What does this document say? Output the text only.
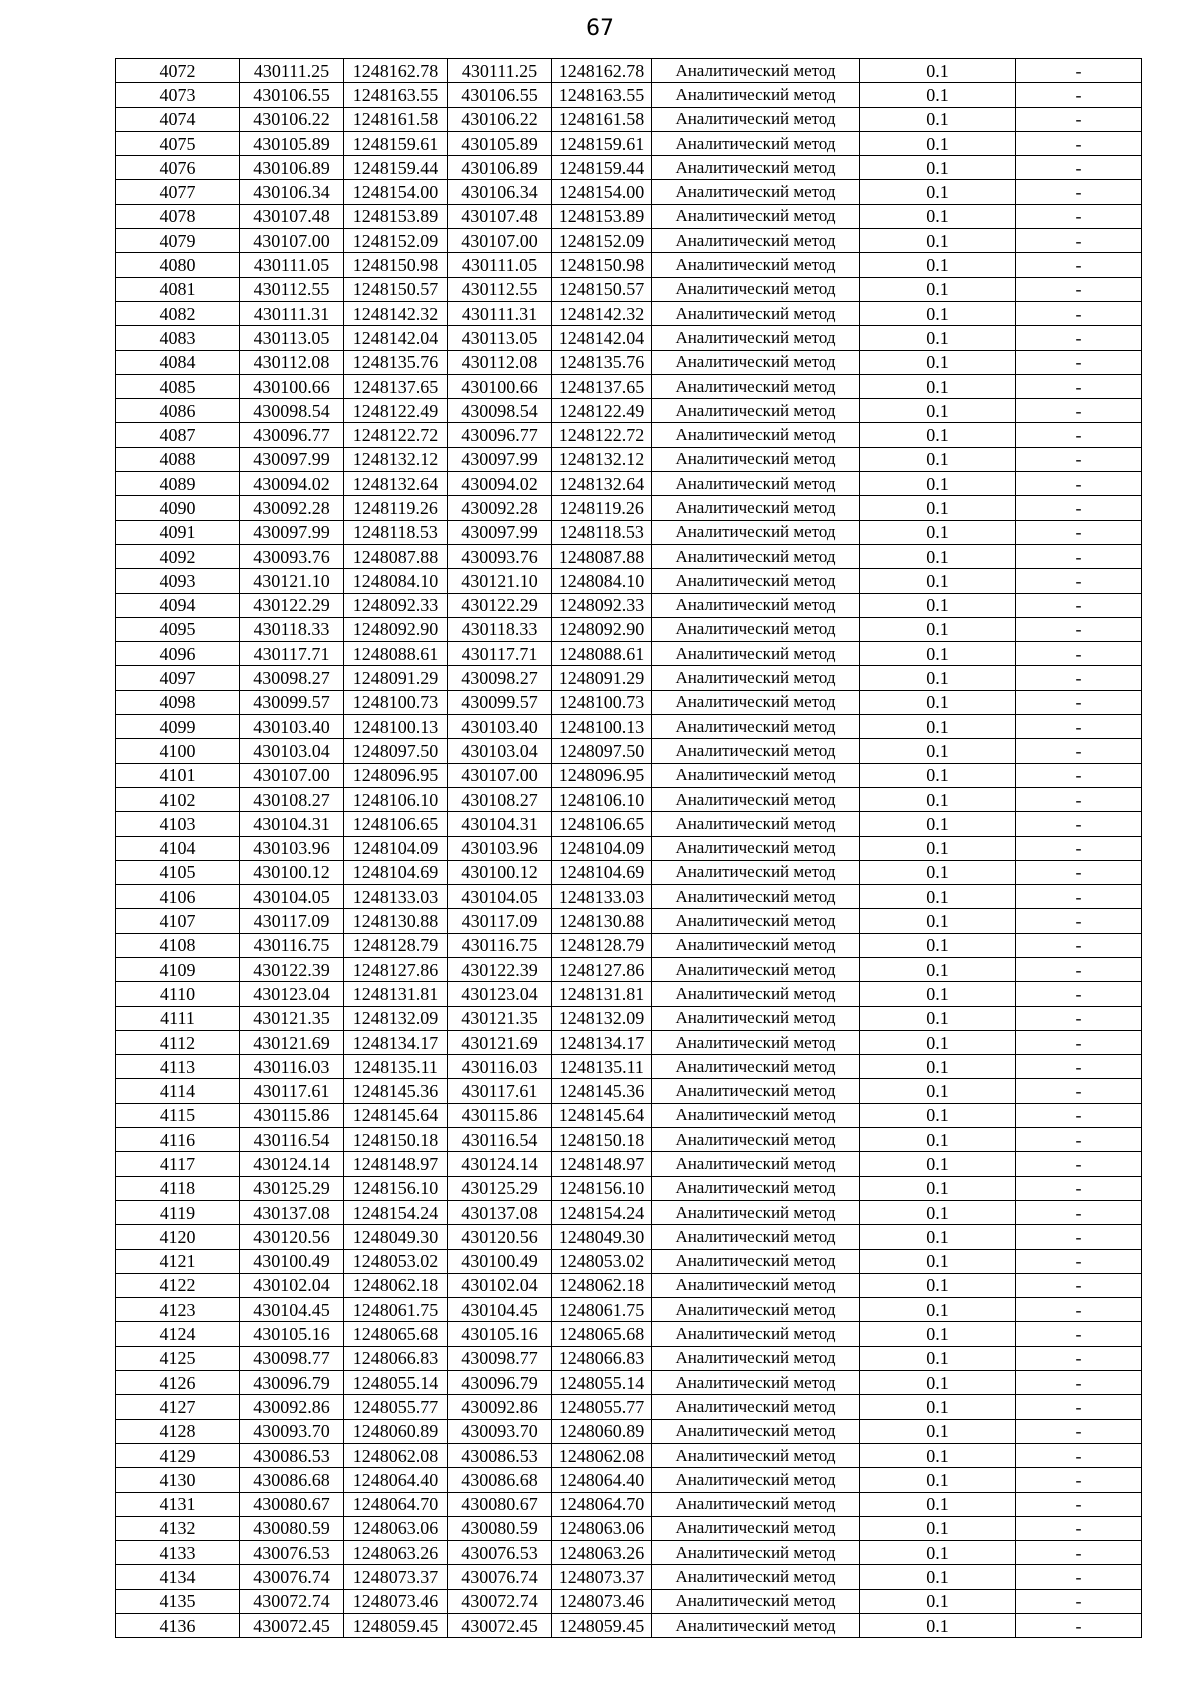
67
4072	430111.25	1248162.78	430111.25	1248162.78	Аналитический метод	0.1	-
4073	430106.55	1248163.55	430106.55	1248163.55	Аналитический метод	0.1	-
4074	430106.22	1248161.58	430106.22	1248161.58	Аналитический метод	0.1	-
4075	430105.89	1248159.61	430105.89	1248159.61	Аналитический метод	0.1	-
4076	430106.89	1248159.44	430106.89	1248159.44	Аналитический метод	0.1	-
4077	430106.34	1248154.00	430106.34	1248154.00	Аналитический метод	0.1	-
4078	430107.48	1248153.89	430107.48	1248153.89	Аналитический метод	0.1	-
4079	430107.00	1248152.09	430107.00	1248152.09	Аналитический метод	0.1	-
4080	430111.05	1248150.98	430111.05	1248150.98	Аналитический метод	0.1	-
4081	430112.55	1248150.57	430112.55	1248150.57	Аналитический метод	0.1	-
4082	430111.31	1248142.32	430111.31	1248142.32	Аналитический метод	0.1	-
4083	430113.05	1248142.04	430113.05	1248142.04	Аналитический метод	0.1	-
4084	430112.08	1248135.76	430112.08	1248135.76	Аналитический метод	0.1	-
4085	430100.66	1248137.65	430100.66	1248137.65	Аналитический метод	0.1	-
4086	430098.54	1248122.49	430098.54	1248122.49	Аналитический метод	0.1	-
4087	430096.77	1248122.72	430096.77	1248122.72	Аналитический метод	0.1	-
4088	430097.99	1248132.12	430097.99	1248132.12	Аналитический метод	0.1	-
4089	430094.02	1248132.64	430094.02	1248132.64	Аналитический метод	0.1	-
4090	430092.28	1248119.26	430092.28	1248119.26	Аналитический метод	0.1	-
4091	430097.99	1248118.53	430097.99	1248118.53	Аналитический метод	0.1	-
4092	430093.76	1248087.88	430093.76	1248087.88	Аналитический метод	0.1	-
4093	430121.10	1248084.10	430121.10	1248084.10	Аналитический метод	0.1	-
4094	430122.29	1248092.33	430122.29	1248092.33	Аналитический метод	0.1	-
4095	430118.33	1248092.90	430118.33	1248092.90	Аналитический метод	0.1	-
4096	430117.71	1248088.61	430117.71	1248088.61	Аналитический метод	0.1	-
4097	430098.27	1248091.29	430098.27	1248091.29	Аналитический метод	0.1	-
4098	430099.57	1248100.73	430099.57	1248100.73	Аналитический метод	0.1	-
4099	430103.40	1248100.13	430103.40	1248100.13	Аналитический метод	0.1	-
4100	430103.04	1248097.50	430103.04	1248097.50	Аналитический метод	0.1	-
4101	430107.00	1248096.95	430107.00	1248096.95	Аналитический метод	0.1	-
4102	430108.27	1248106.10	430108.27	1248106.10	Аналитический метод	0.1	-
4103	430104.31	1248106.65	430104.31	1248106.65	Аналитический метод	0.1	-
4104	430103.96	1248104.09	430103.96	1248104.09	Аналитический метод	0.1	-
4105	430100.12	1248104.69	430100.12	1248104.69	Аналитический метод	0.1	-
4106	430104.05	1248133.03	430104.05	1248133.03	Аналитический метод	0.1	-
4107	430117.09	1248130.88	430117.09	1248130.88	Аналитический метод	0.1	-
4108	430116.75	1248128.79	430116.75	1248128.79	Аналитический метод	0.1	-
4109	430122.39	1248127.86	430122.39	1248127.86	Аналитический метод	0.1	-
4110	430123.04	1248131.81	430123.04	1248131.81	Аналитический метод	0.1	-
4111	430121.35	1248132.09	430121.35	1248132.09	Аналитический метод	0.1	-
4112	430121.69	1248134.17	430121.69	1248134.17	Аналитический метод	0.1	-
4113	430116.03	1248135.11	430116.03	1248135.11	Аналитический метод	0.1	-
4114	430117.61	1248145.36	430117.61	1248145.36	Аналитический метод	0.1	-
4115	430115.86	1248145.64	430115.86	1248145.64	Аналитический метод	0.1	-
4116	430116.54	1248150.18	430116.54	1248150.18	Аналитический метод	0.1	-
4117	430124.14	1248148.97	430124.14	1248148.97	Аналитический метод	0.1	-
4118	430125.29	1248156.10	430125.29	1248156.10	Аналитический метод	0.1	-
4119	430137.08	1248154.24	430137.08	1248154.24	Аналитический метод	0.1	-
4120	430120.56	1248049.30	430120.56	1248049.30	Аналитический метод	0.1	-
4121	430100.49	1248053.02	430100.49	1248053.02	Аналитический метод	0.1	-
4122	430102.04	1248062.18	430102.04	1248062.18	Аналитический метод	0.1	-
4123	430104.45	1248061.75	430104.45	1248061.75	Аналитический метод	0.1	-
4124	430105.16	1248065.68	430105.16	1248065.68	Аналитический метод	0.1	-
4125	430098.77	1248066.83	430098.77	1248066.83	Аналитический метод	0.1	-
4126	430096.79	1248055.14	430096.79	1248055.14	Аналитический метод	0.1	-
4127	430092.86	1248055.77	430092.86	1248055.77	Аналитический метод	0.1	-
4128	430093.70	1248060.89	430093.70	1248060.89	Аналитический метод	0.1	-
4129	430086.53	1248062.08	430086.53	1248062.08	Аналитический метод	0.1	-
4130	430086.68	1248064.40	430086.68	1248064.40	Аналитический метод	0.1	-
4131	430080.67	1248064.70	430080.67	1248064.70	Аналитический метод	0.1	-
4132	430080.59	1248063.06	430080.59	1248063.06	Аналитический метод	0.1	-
4133	430076.53	1248063.26	430076.53	1248063.26	Аналитический метод	0.1	-
4134	430076.74	1248073.37	430076.74	1248073.37	Аналитический метод	0.1	-
4135	430072.74	1248073.46	430072.74	1248073.46	Аналитический метод	0.1	-
4136	430072.45	1248059.45	430072.45	1248059.45	Аналитический метод	0.1	-
